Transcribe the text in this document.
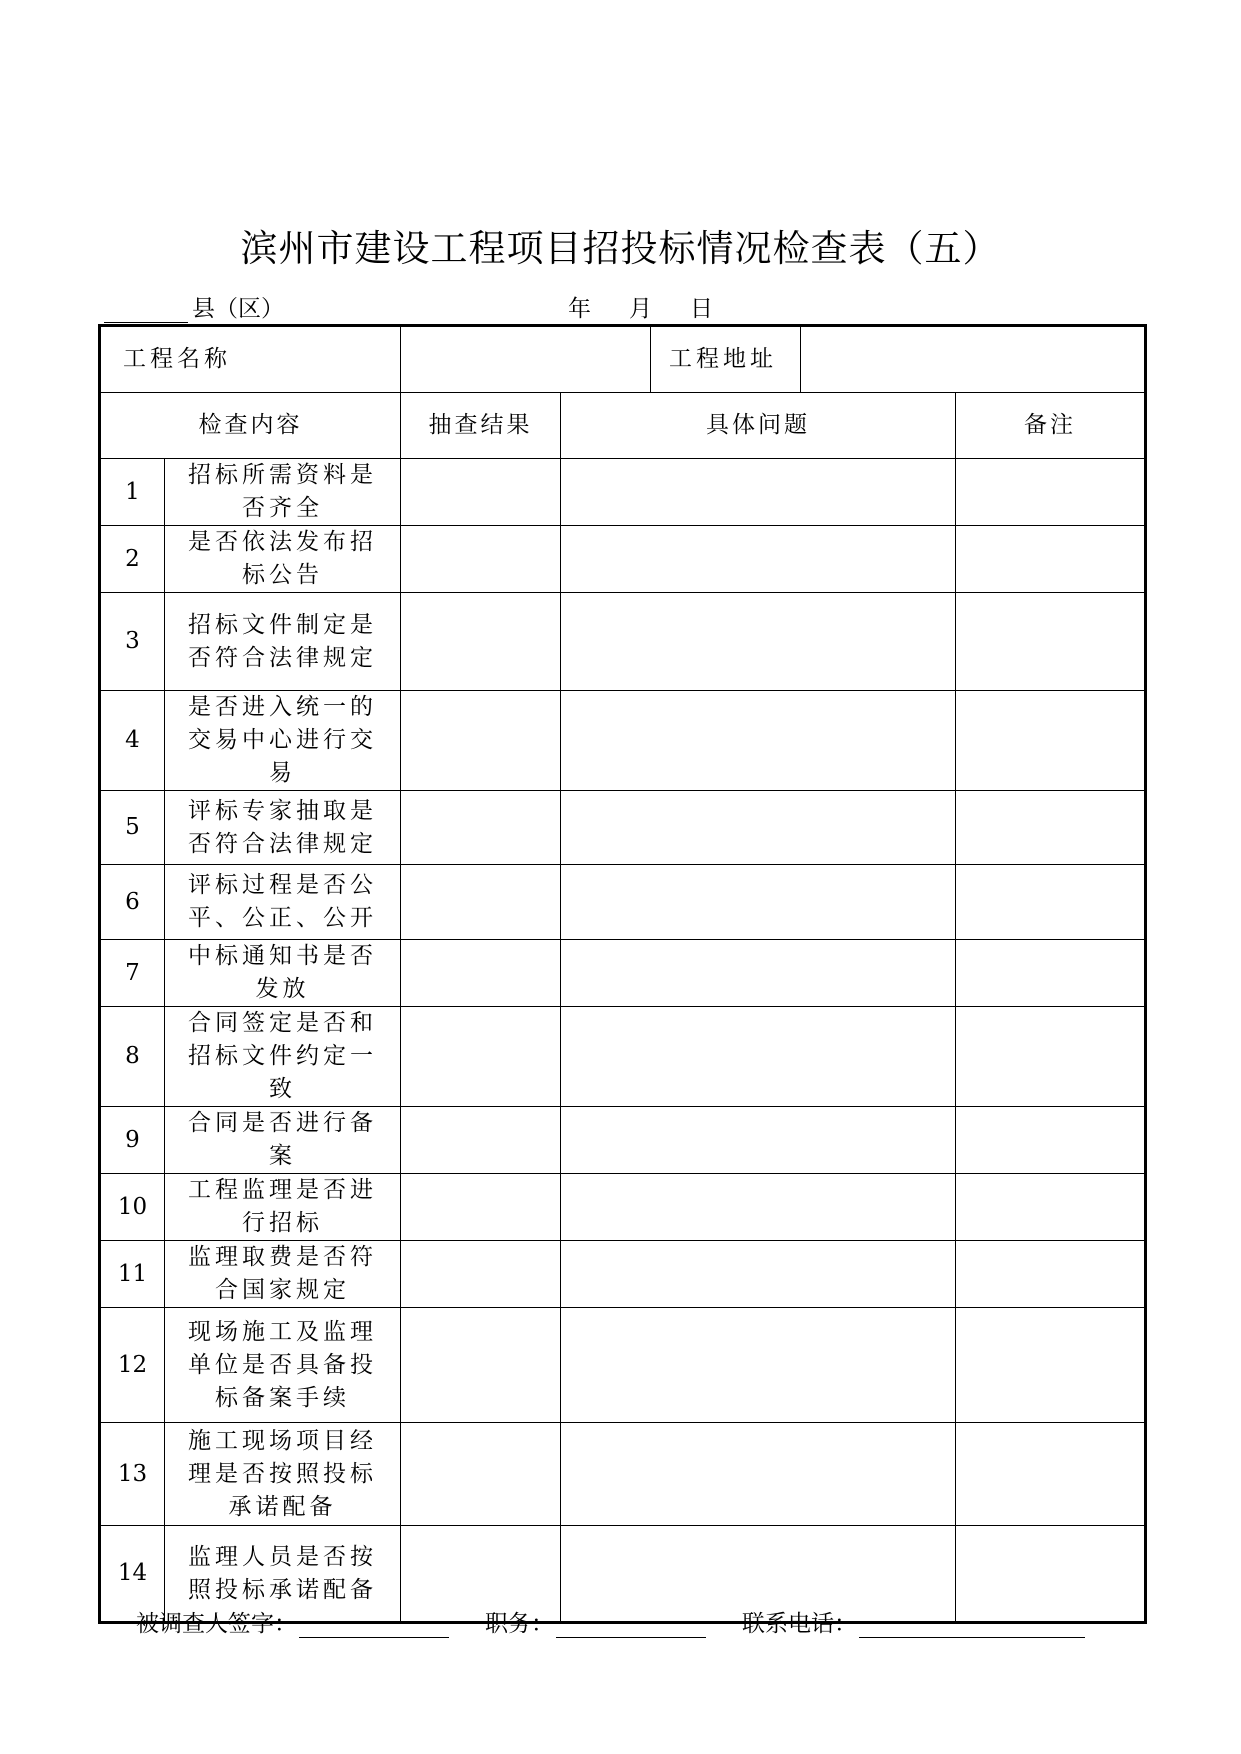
滨州市建设工程项目招投标情况检查表（五）
县（区）	年 月 日
工程名称				工程地址		
检查内容		抽查结果	具体问题			备注
1	招标所需资料是否齐全					
2	是否依法发布招标公告					
3	招标文件制定是否符合法律规定					
4	是否进入统一的交易中心进行交易					
5	评标专家抽取是否符合法律规定					
6	评标过程是否公平、公正、公开					
7	中标通知书是否发放					
8	合同签定是否和招标文件约定一致					
9	合同是否进行备案					
10	工程监理是否进行招标					
11	监理取费是否符合国家规定					
12	现场施工及监理单位是否具备投标备案手续					
13	施工现场项目经理是否按照投标承诺配备					
14	监理人员是否按照投标承诺配备					
被调查人签字：	职务：	联系电话：
